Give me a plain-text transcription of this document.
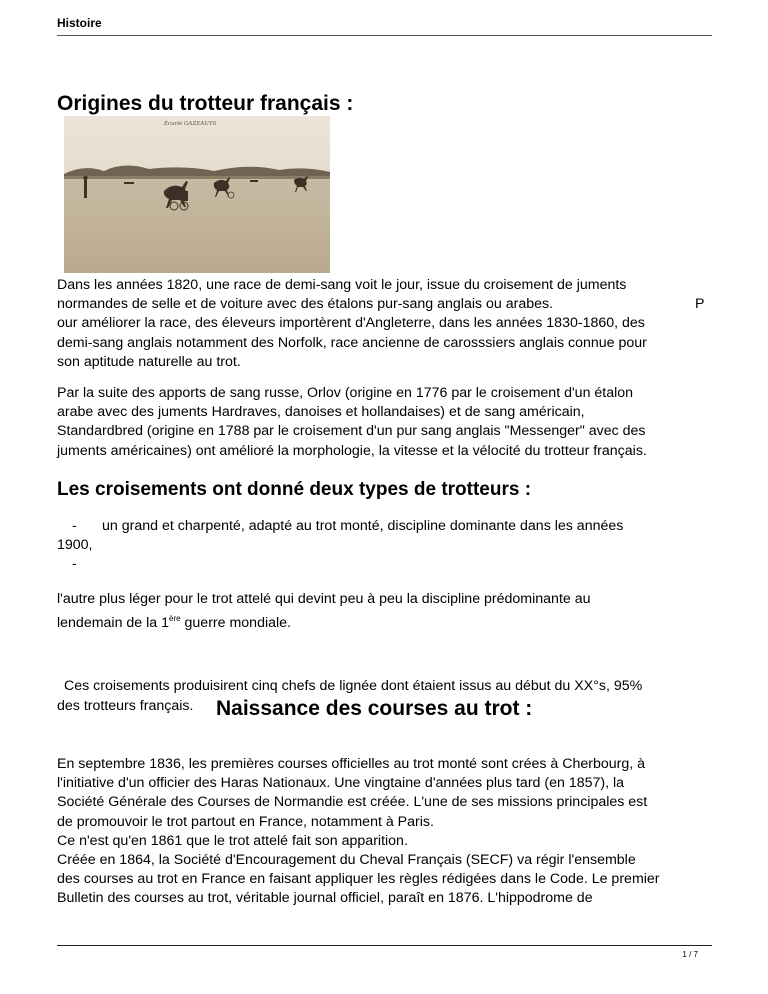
Histoire
Origines du trotteur français :
Écurie GAZEAUYS

Dans les années 1820, une race de demi-sang voit le jour, issue du croisement de juments
normandes de selle et de voiture avec des étalons pur-sang anglais ou arabes.	P

our améliorer la race, des éleveurs importèrent d'Angleterre, dans les années 1830-1860, des
demi-sang anglais notamment des Norfolk, race ancienne de carosssiers anglais connue pour
son aptitude naturelle au trot.

Par la suite des apports de sang russe, Orlov (origine en 1776 par le croisement d'un étalon
arabe avec des juments Hardraves, danoises et hollandaises) et de sang américain,
Standardbred (origine en 1788 par le croisement d'un pur sang anglais "Messenger" avec des
juments américaines) ont amélioré la morphologie, la vitesse et la vélocité du trotteur français.

Les croisements ont donné deux types de trotteurs :
- un grand et charpenté, adapté au trot monté, discipline dominante dans les années
1900,
-
l'autre plus léger pour le trot attelé qui devint peu à peu la discipline prédominante au
lendemain de la 1ère guerre mondiale.
Ces croisements produisirent cinq chefs de lignée dont étaient issus au début du XX°s, 95%
des trotteurs français. Naissance des courses au trot :

En septembre 1836, les premières courses officielles au trot monté sont crées à Cherbourg, à
l'initiative d'un officier des Haras Nationaux. Une vingtaine d'années plus tard (en 1857), la
Société Générale des Courses de Normandie est créée. L'une de ses missions principales est
de promouvoir le trot partout en France, notamment à Paris.
Ce n'est qu'en 1861 que le trot attelé fait son apparition.
Créée en 1864, la Société d'Encouragement du Cheval Français (SECF) va régir l'ensemble
des courses au trot en France en faisant appliquer les règles rédigées dans le Code. Le premier
Bulletin des courses au trot, véritable journal officiel, paraît en 1876. L'hippodrome de

1 / 7
